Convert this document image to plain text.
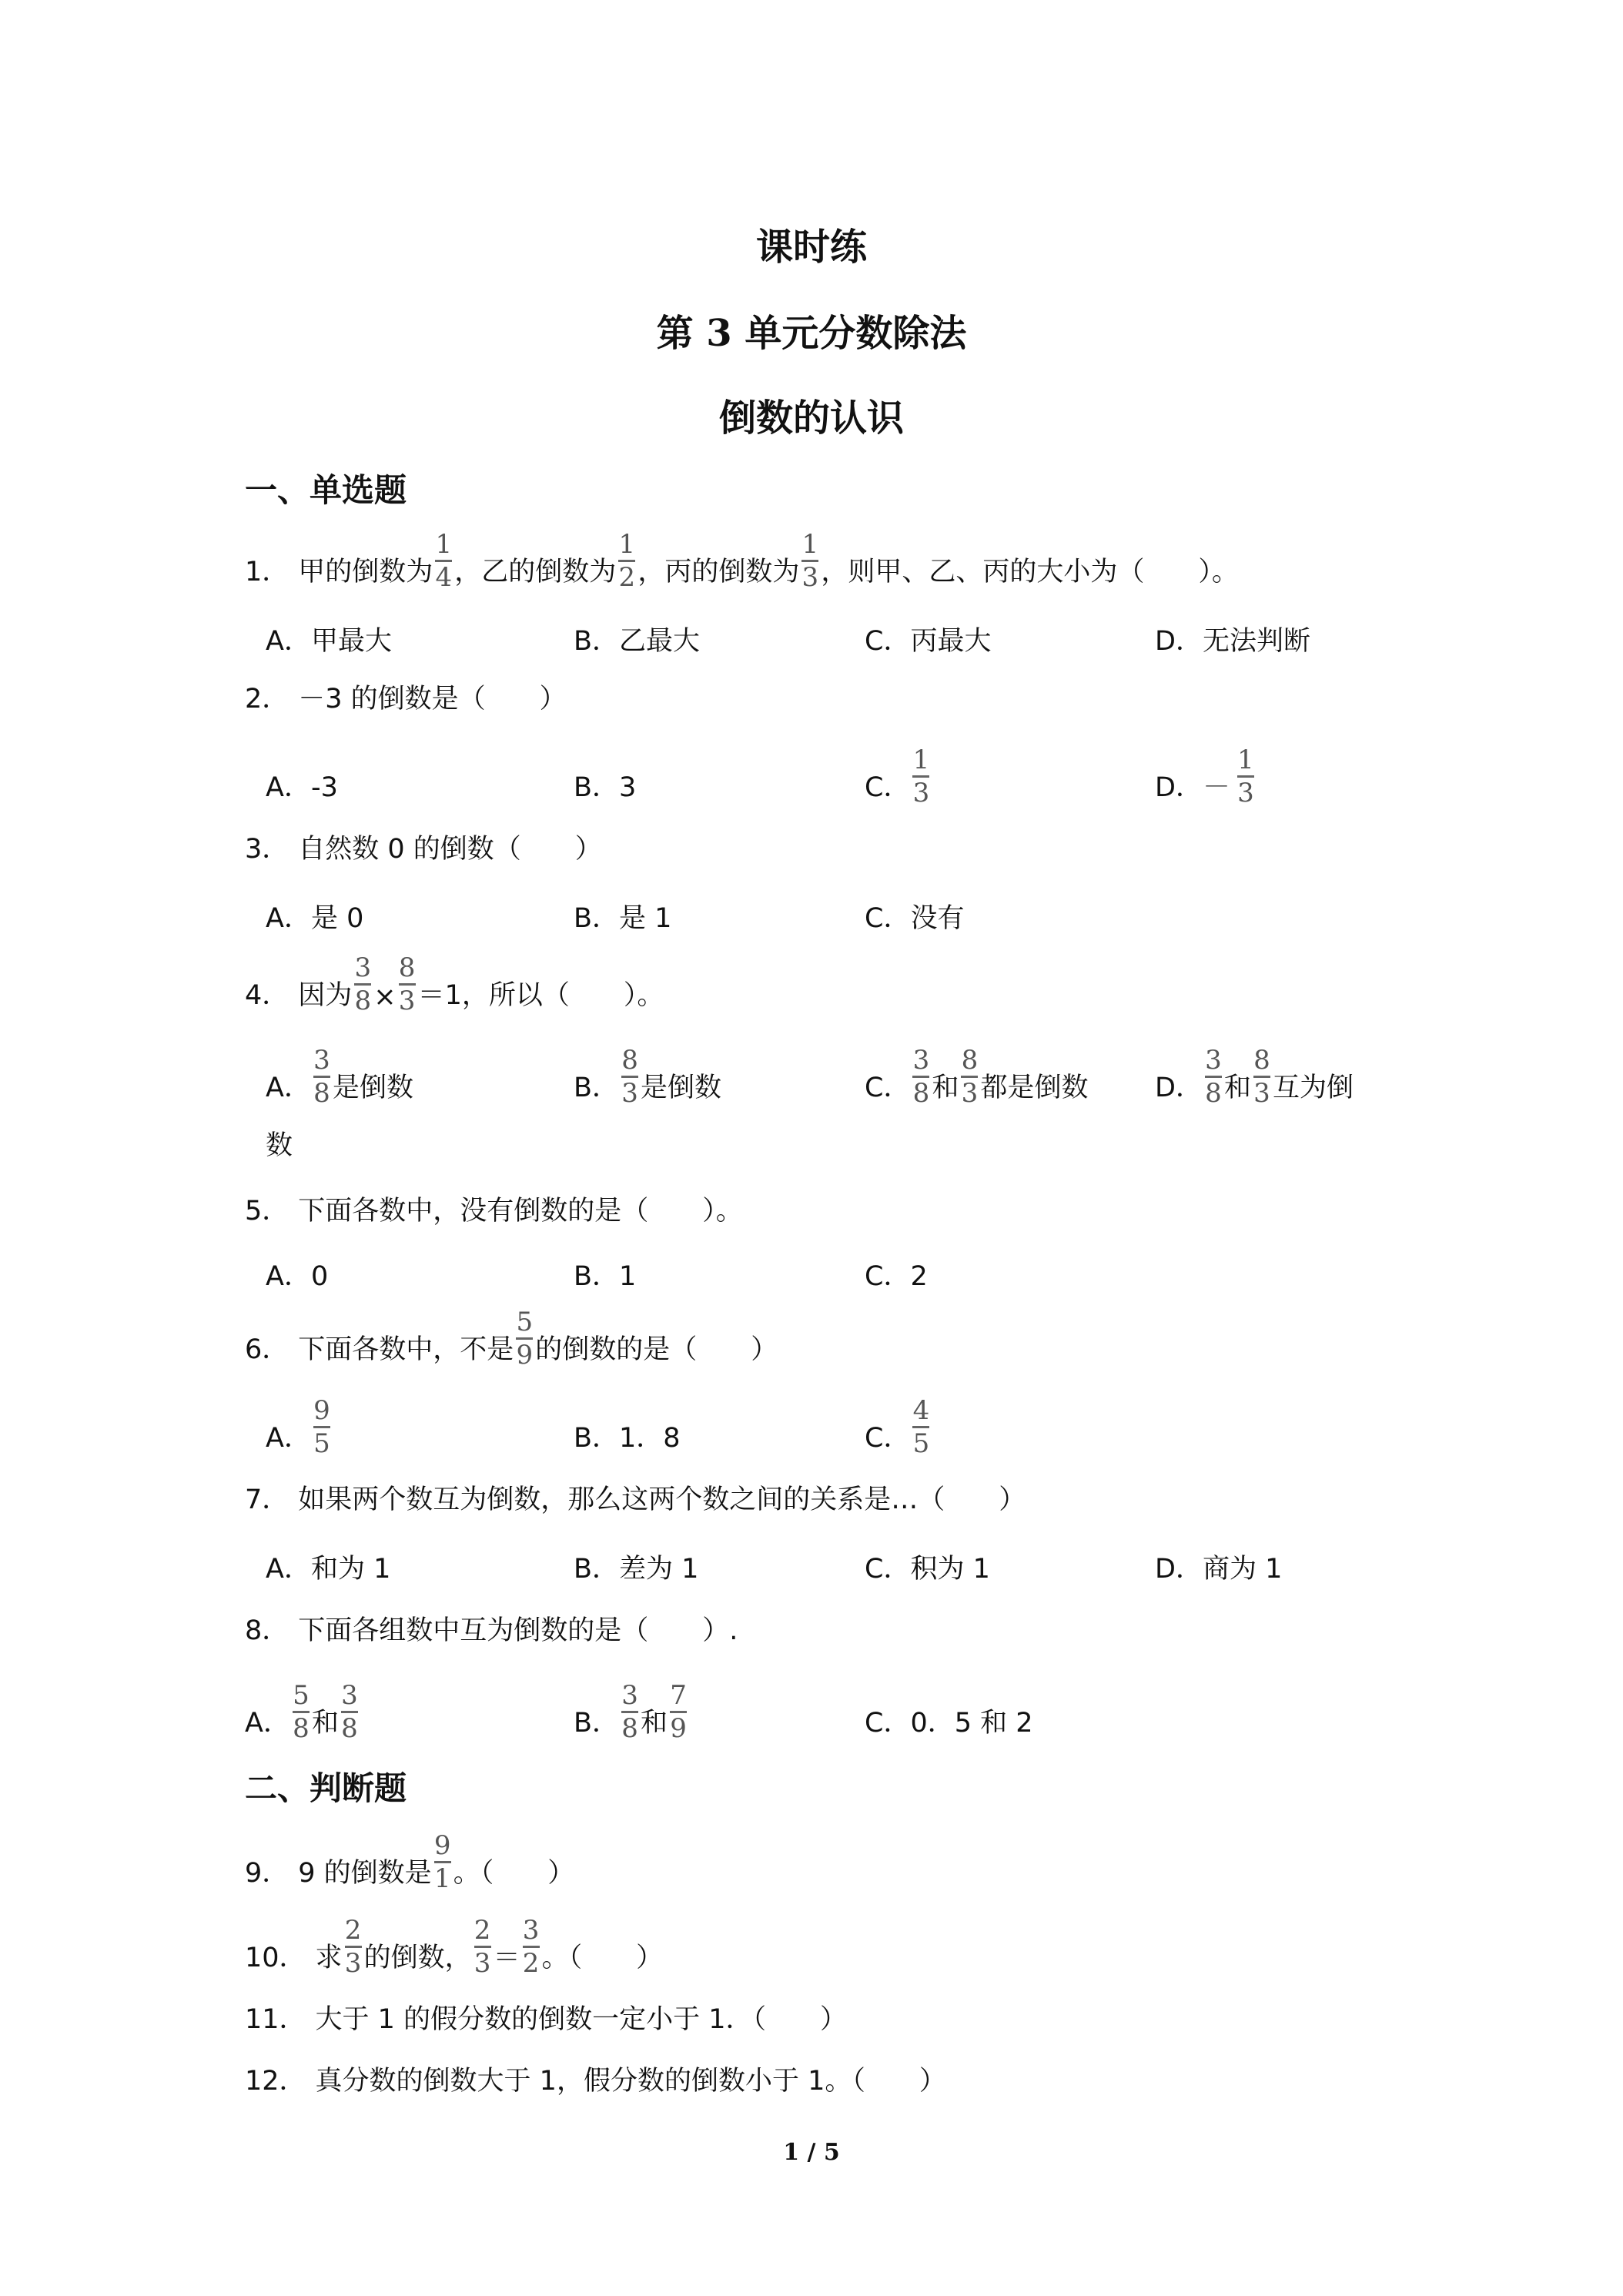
课时练
第 3 单元分数除法
倒数的认识
一、单选题
1． 甲的倒数为 $\frac{1}{4}$ ，乙的倒数为 $\frac{1}{2}$ ，丙的倒数为 $\frac{1}{3}$ ，则甲、乙、丙的大小为（　　）。
A．甲最大	B．乙最大	C．丙最大	D．无法判断
2． －3 的倒数是（　　）
A．-3	B．3	C． $\frac{1}{3}$	D． － $\frac{1}{3}$
3． 自然数 0 的倒数（　　）
A．是 0	B．是 1	C．没有
4． 因为 $\frac{3}{8} \times \frac{8}{3} =1$，所以（　　）。
A． $\frac{3}{8}$ 是倒数	B． $\frac{8}{3}$ 是倒数	C． $\frac{3}{8}$ 和 $\frac{8}{3}$ 都是倒数 D． $\frac{3}{8}$ 和 $\frac{8}{3}$ 互为倒
数
5． 下面各数中，没有倒数的是（　　）。
A．0	B．1	C．2
6． 下面各数中，不是 $\frac{5}{9}$ 的倒数的是（　　）
A． $\frac{9}{5}$	B．1．8	C． $\frac{4}{5}$
7． 如果两个数互为倒数，那么这两个数之间的关系是…（　　）
A．和为 1	B．差为 1	C．积为 1	D．商为 1
8． 下面各组数中互为倒数的是（　　）.
A． $\frac{5}{8}$ 和 $\frac{3}{8}$	B． $\frac{3}{8}$ 和 $\frac{7}{9}$	C．0．5 和 2
二、判断题
9． 9 的倒数是 $\frac{9}{1}$ 。（　　）
10． 求 $\frac{2}{3}$ 的倒数， $\frac{2}{3} = \frac{3}{2}$ 。（　　）
11． 大于 1 的假分数的倒数一定小于 1．（　　）
12． 真分数的倒数大于 1，假分数的倒数小于 1。（　　）
1 / 5
